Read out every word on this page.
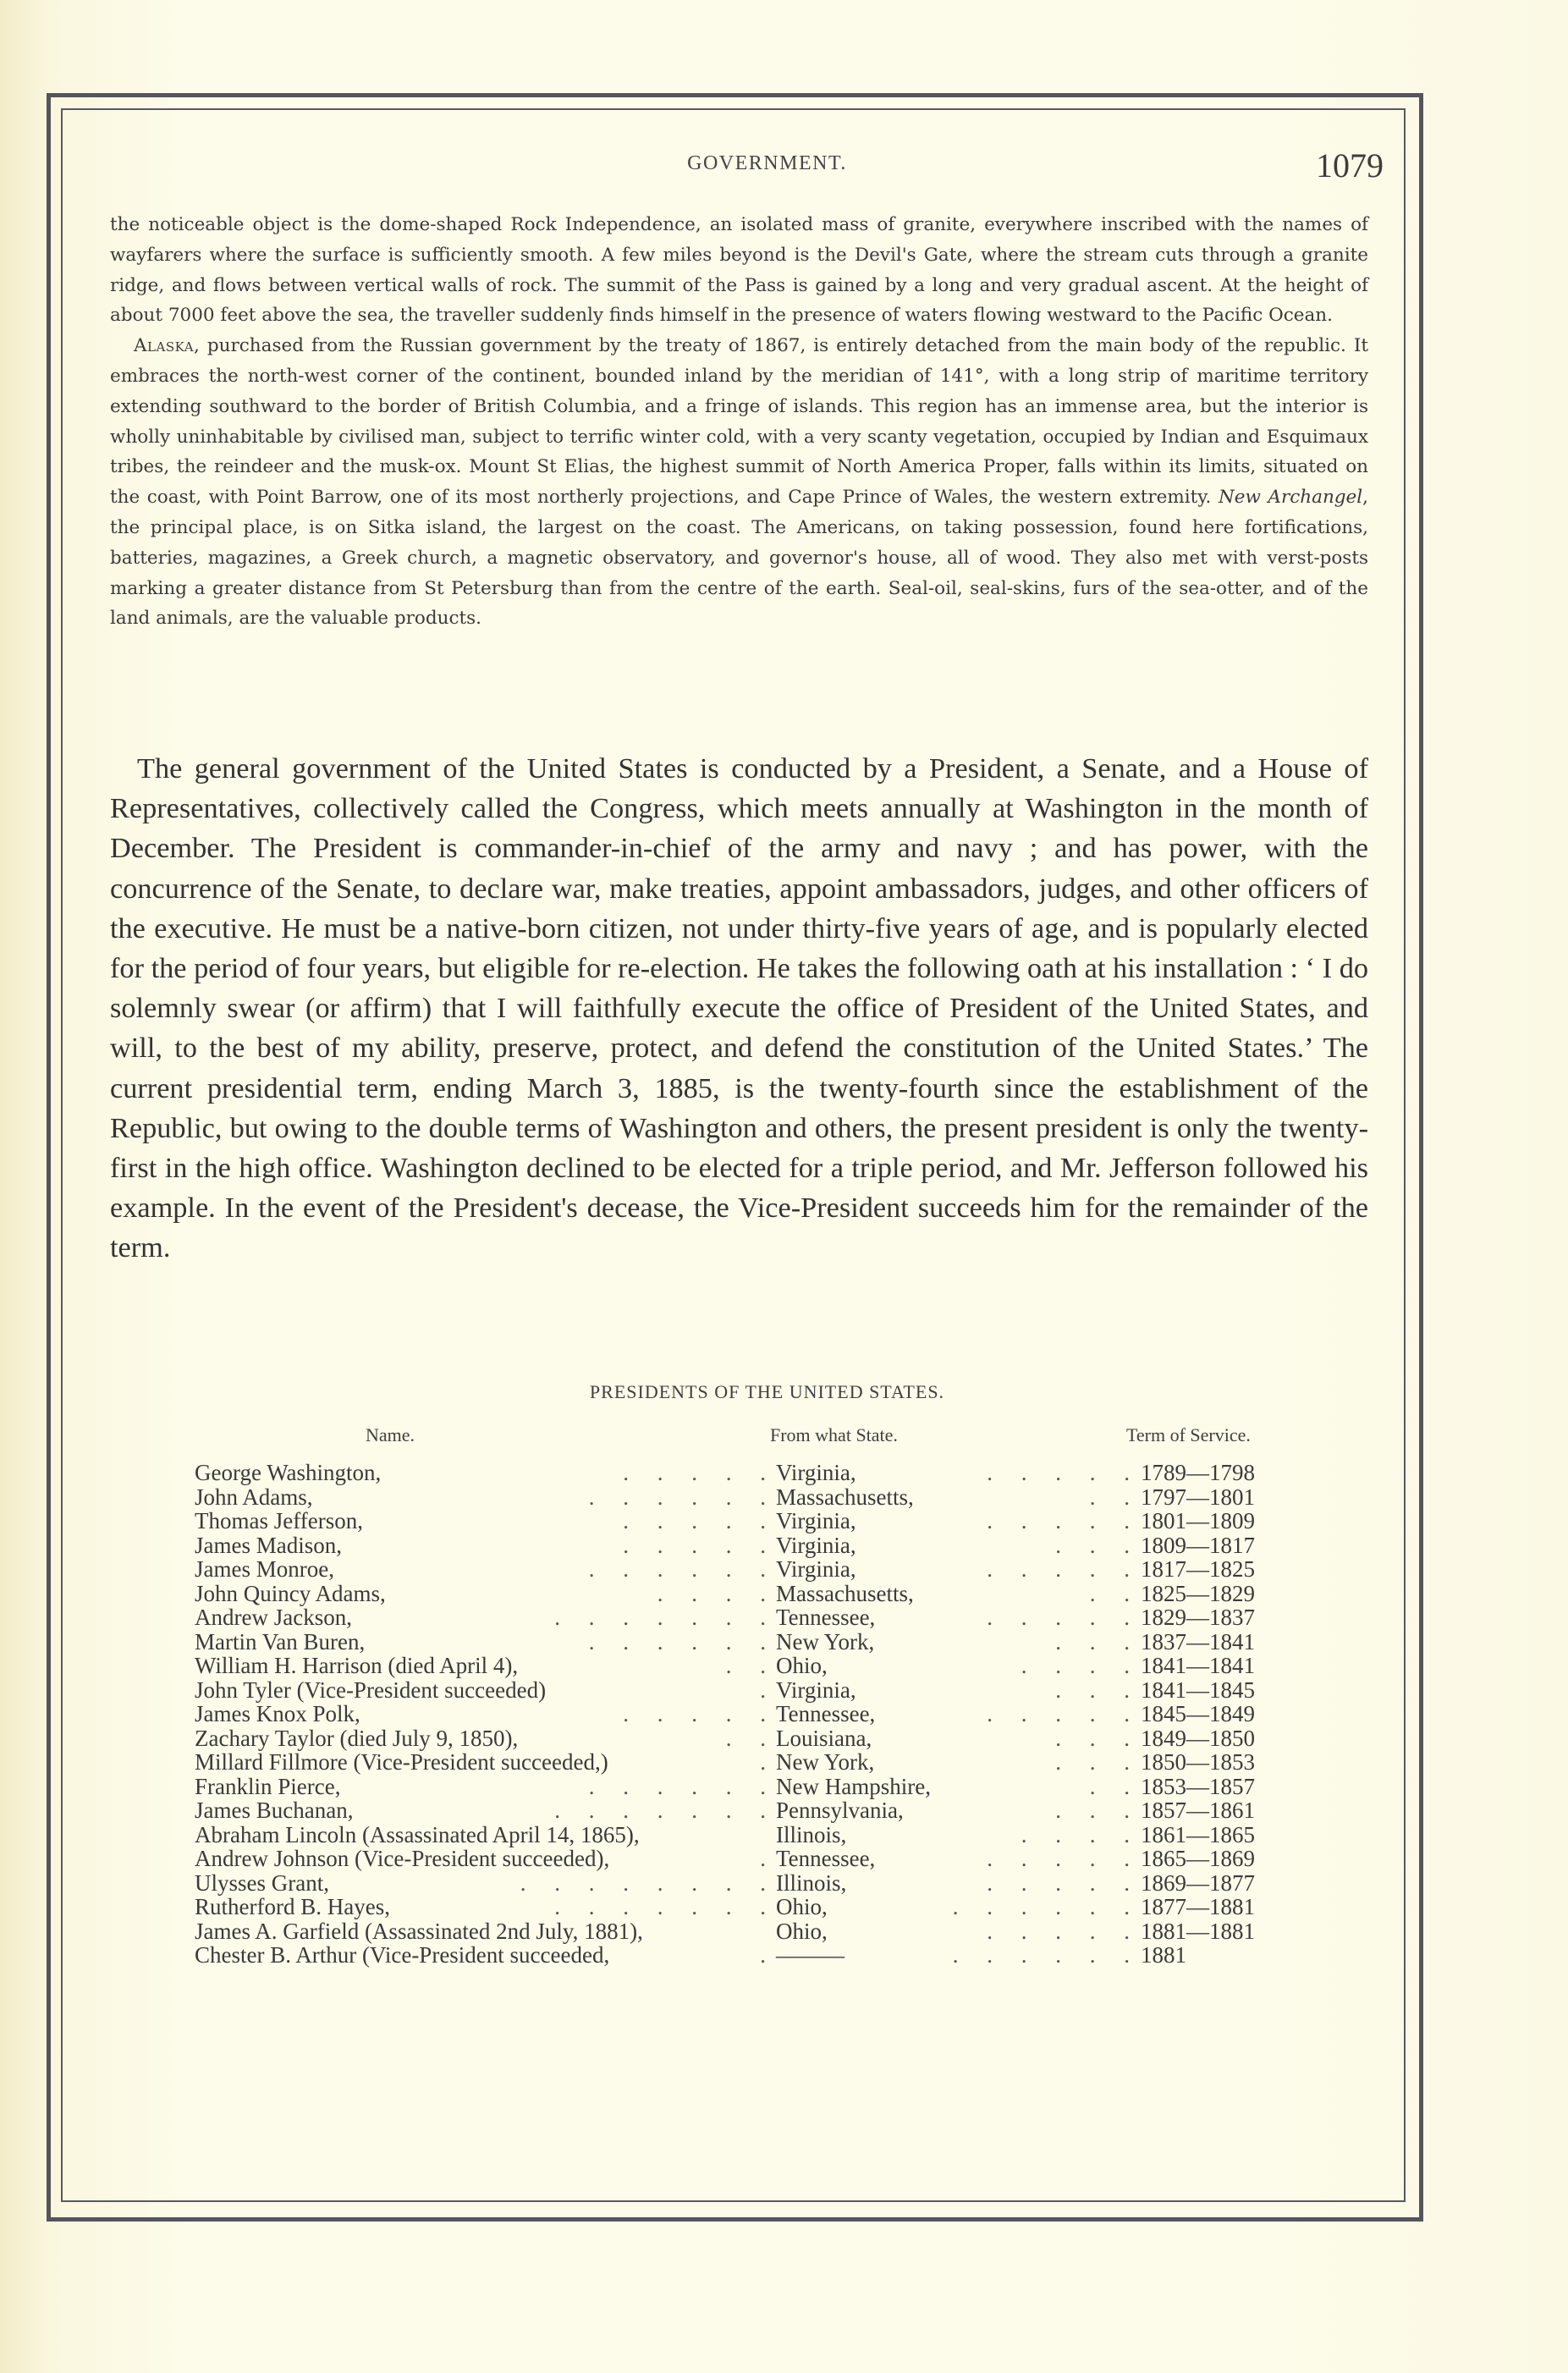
GOVERNMENT.	1079

the noticeable object is the dome-shaped Rock Independence, an isolated mass of granite, everywhere inscribed with the names of wayfarers where the surface is sufficiently smooth. A few miles beyond is the Devil's Gate, where the stream cuts through a granite ridge, and flows between vertical walls of rock. The summit of the Pass is gained by a long and very gradual ascent. At the height of about 7000 feet above the sea, the traveller suddenly finds himself in the presence of waters flowing westward to the Pacific Ocean.

Alaska, purchased from the Russian government by the treaty of 1867, is entirely detached from the main body of the republic. It embraces the north-west corner of the continent, bounded inland by the meridian of 141°, with a long strip of maritime territory extending southward to the border of British Columbia, and a fringe of islands. This region has an immense area, but the interior is wholly uninhabitable by civilised man, subject to terrific winter cold, with a very scanty vegetation, occupied by Indian and Esquimaux tribes, the reindeer and the musk-ox. Mount St Elias, the highest summit of North America Proper, falls within its limits, situated on the coast, with Point Barrow, one of its most northerly projections, and Cape Prince of Wales, the western extremity. New Archangel, the principal place, is on Sitka island, the largest on the coast. The Americans, on taking possession, found here fortifications, batteries, magazines, a Greek church, a magnetic observatory, and governor's house, all of wood. They also met with verst-posts marking a greater distance from St Petersburg than from the centre of the earth. Seal-oil, seal-skins, furs of the sea-otter, and of the land animals, are the valuable products.

The general government of the United States is conducted by a President, a Senate, and a House of Representatives, collectively called the Congress, which meets annually at Washington in the month of December. The President is commander-in-chief of the army and navy ; and has power, with the concurrence of the Senate, to declare war, make treaties, appoint ambassadors, judges, and other officers of the executive. He must be a native-born citizen, not under thirty-five years of age, and is popularly elected for the period of four years, but eligible for re-election. He takes the following oath at his installation : ‘ I do solemnly swear (or affirm) that I will faithfully execute the office of President of the United States, and will, to the best of my ability, preserve, protect, and defend the constitution of the United States.’ The current presidential term, ending March 3, 1885, is the twenty-fourth since the establishment of the Republic, but owing to the double terms of Washington and others, the present president is only the twenty-first in the high office. Washington declined to be elected for a triple period, and Mr. Jefferson followed his example. In the event of the President's decease, the Vice-President succeeds him for the remainder of the term.

PRESIDENTS OF THE UNITED STATES.
Name.	From what State.	Term of Service.
George Washington,	.     .     .     .     . Virginia,	.     .     .     .     . 1789—1798
John Adams,	.     .     .     .     .     . Massachusetts,	.     . 1797—1801
Thomas Jefferson,	.     .     .     .     . Virginia,	.     .     .     .     . 1801—1809
James Madison,	.     .     .     .     . Virginia,	.     .     . 1809—1817
James Monroe,	.     .     .     .     .     . Virginia,	.     .     .     .     . 1817—1825
John Quincy Adams,	.     .     .     . Massachusetts,	.     . 1825—1829
Andrew Jackson,	.     .     .     .     .     .     . Tennessee,	.     .     .     .     . 1829—1837
Martin Van Buren,	.     .     .     .     .     . New York,	.     .     . 1837—1841
William H. Harrison (died April 4),	.     . Ohio,	.     .     .     . 1841—1841
John Tyler (Vice-President succeeded)	. Virginia,	.     .     . 1841—1845
James Knox Polk,	.     .     .     .     . Tennessee,	.     .     .     .     . 1845—1849
Zachary Taylor (died July 9, 1850),	.     . Louisiana,	.     .     . 1849—1850
Millard Fillmore (Vice-President succeeded,)	. New York,	.     .     . 1850—1853
Franklin Pierce,	.     .     .     .     .     . New Hampshire,	.     . 1853—1857
James Buchanan,	.     .     .     .     .     .     . Pennsylvania,	.     .     . 1857—1861
Abraham Lincoln (Assassinated April 14, 1865),	Illinois,	.     .     .     . 1861—1865
Andrew Johnson (Vice-President succeeded),	. Tennessee,	.     .     .     .     . 1865—1869
Ulysses Grant,	.     .     .     .     .     .     .     . Illinois,	.     .     .     .     . 1869—1877
Rutherford B. Hayes,	.     .     .     .     .     .     . Ohio,	.     .     .     .     .     . 1877—1881
James A. Garfield (Assassinated 2nd July, 1881),	Ohio,	.     .     .     .     . 1881—1881
Chester B. Arthur (Vice-President succeeded,	. ———	.     .     .     .     .     . 1881
